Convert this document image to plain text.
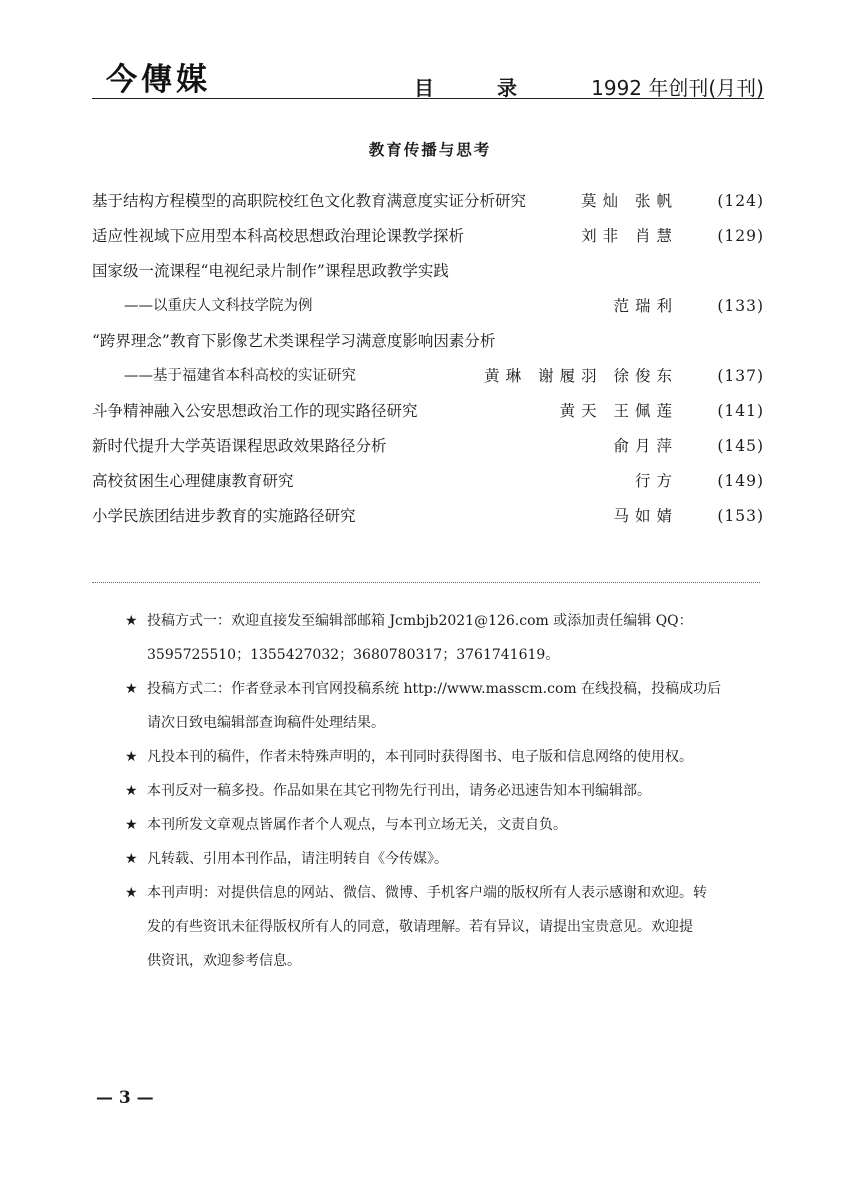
今傳媒	目 录 1992 年创刊(月刊)
教育传播与思考
基于结构方程模型的高职院校红色文化教育满意度实证分析研究	莫灿 张帆	(124)
适应性视域下应用型本科高校思想政治理论课教学探析	刘非 肖慧	(129)
国家级一流课程“电视纪录片制作”课程思政教学实践
——以重庆人文科技学院为例	范瑞利	(133)
“跨界理念”教育下影像艺术类课程学习满意度影响因素分析
——基于福建省本科高校的实证研究	黄琳 谢履羽 徐俊东	(137)
斗争精神融入公安思想政治工作的现实路径研究	黄天 王佩莲	(141)
新时代提升大学英语课程思政效果路径分析	俞月萍	(145)
高校贫困生心理健康教育研究	行方	(149)
小学民族团结进步教育的实施路径研究	马如婧	(153)
★ 投稿方式一：欢迎直接发至编辑部邮箱 Jcmbjb2021@126.com 或添加责任编辑 QQ：
3595725510；1355427032；3680780317；3761741619。
★ 投稿方式二：作者登录本刊官网投稿系统 http://www.masscm.com 在线投稿，投稿成功后
请次日致电编辑部查询稿件处理结果。
★ 凡投本刊的稿件，作者未特殊声明的，本刊同时获得图书、电子版和信息网络的使用权。
★ 本刊反对一稿多投。作品如果在其它刊物先行刊出，请务必迅速告知本刊编辑部。
★ 本刊所发文章观点皆属作者个人观点，与本刊立场无关，文责自负。
★ 凡转载、引用本刊作品，请注明转自《今传媒》。
★ 本刊声明：对提供信息的网站、微信、微博、手机客户端的版权所有人表示感谢和欢迎。转
发的有些资讯未征得版权所有人的同意，敬请理解。若有异议，请提出宝贵意见。欢迎提
供资讯，欢迎参考信息。
— 3 —
